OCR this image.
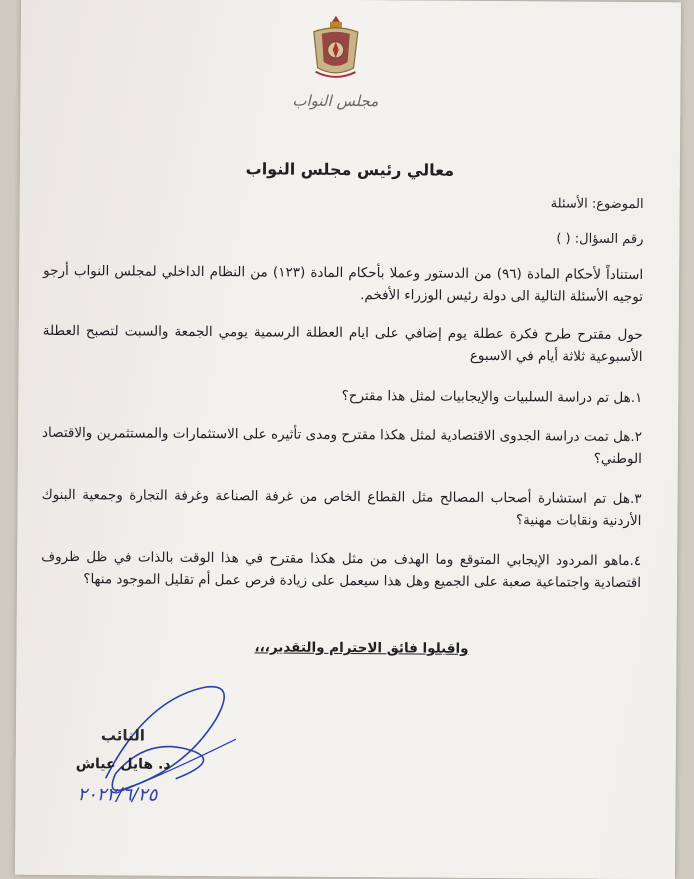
مجلس النواب
معالي رئيس مجلس النواب
الموضوع: الأسئلة
رقم السؤال: ( )
استناداً لأحكام المادة (٩٦) من الدستور وعملا بأحكام المادة (١٢٣) من النظام الداخلي لمجلس النواب أرجو توجيه الأسئلة التالية الى دولة رئيس الوزراء الأفخم.
حول مقترح طرح فكرة عطلة يوم إضافي على ايام العطلة الرسمية يومي الجمعة والسبت لتصبح العطلة الأسبوعية ثلاثة أيام في الاسبوع
١.هل تم دراسة السلبيات والإيجابيات لمثل هذا مقترح؟
٢.هل تمت دراسة الجدوى الاقتصادية لمثل هكذا مقترح ومدى تأثيره على الاستثمارات والمستثمرين والاقتصاد الوطني؟
٣.هل تم استشارة أصحاب المصالح مثل القطاع الخاص من غرفة الصناعة وغرفة التجارة وجمعية البنوك الأردنية ونقابات مهنية؟
٤.ماهو المردود الإيجابي المتوقع وما الهدف من مثل هكذا مقترح في هذا الوقت بالذات في ظل ظروف اقتصادية واجتماعية صعبة على الجميع وهل هذا سيعمل على زيادة فرص عمل أم تقليل الموجود منها؟
واقبلوا فائق الاحترام والتقدير،،،
النائب
د. هايل عياش
٢٠٢٢/٦/٢٥
